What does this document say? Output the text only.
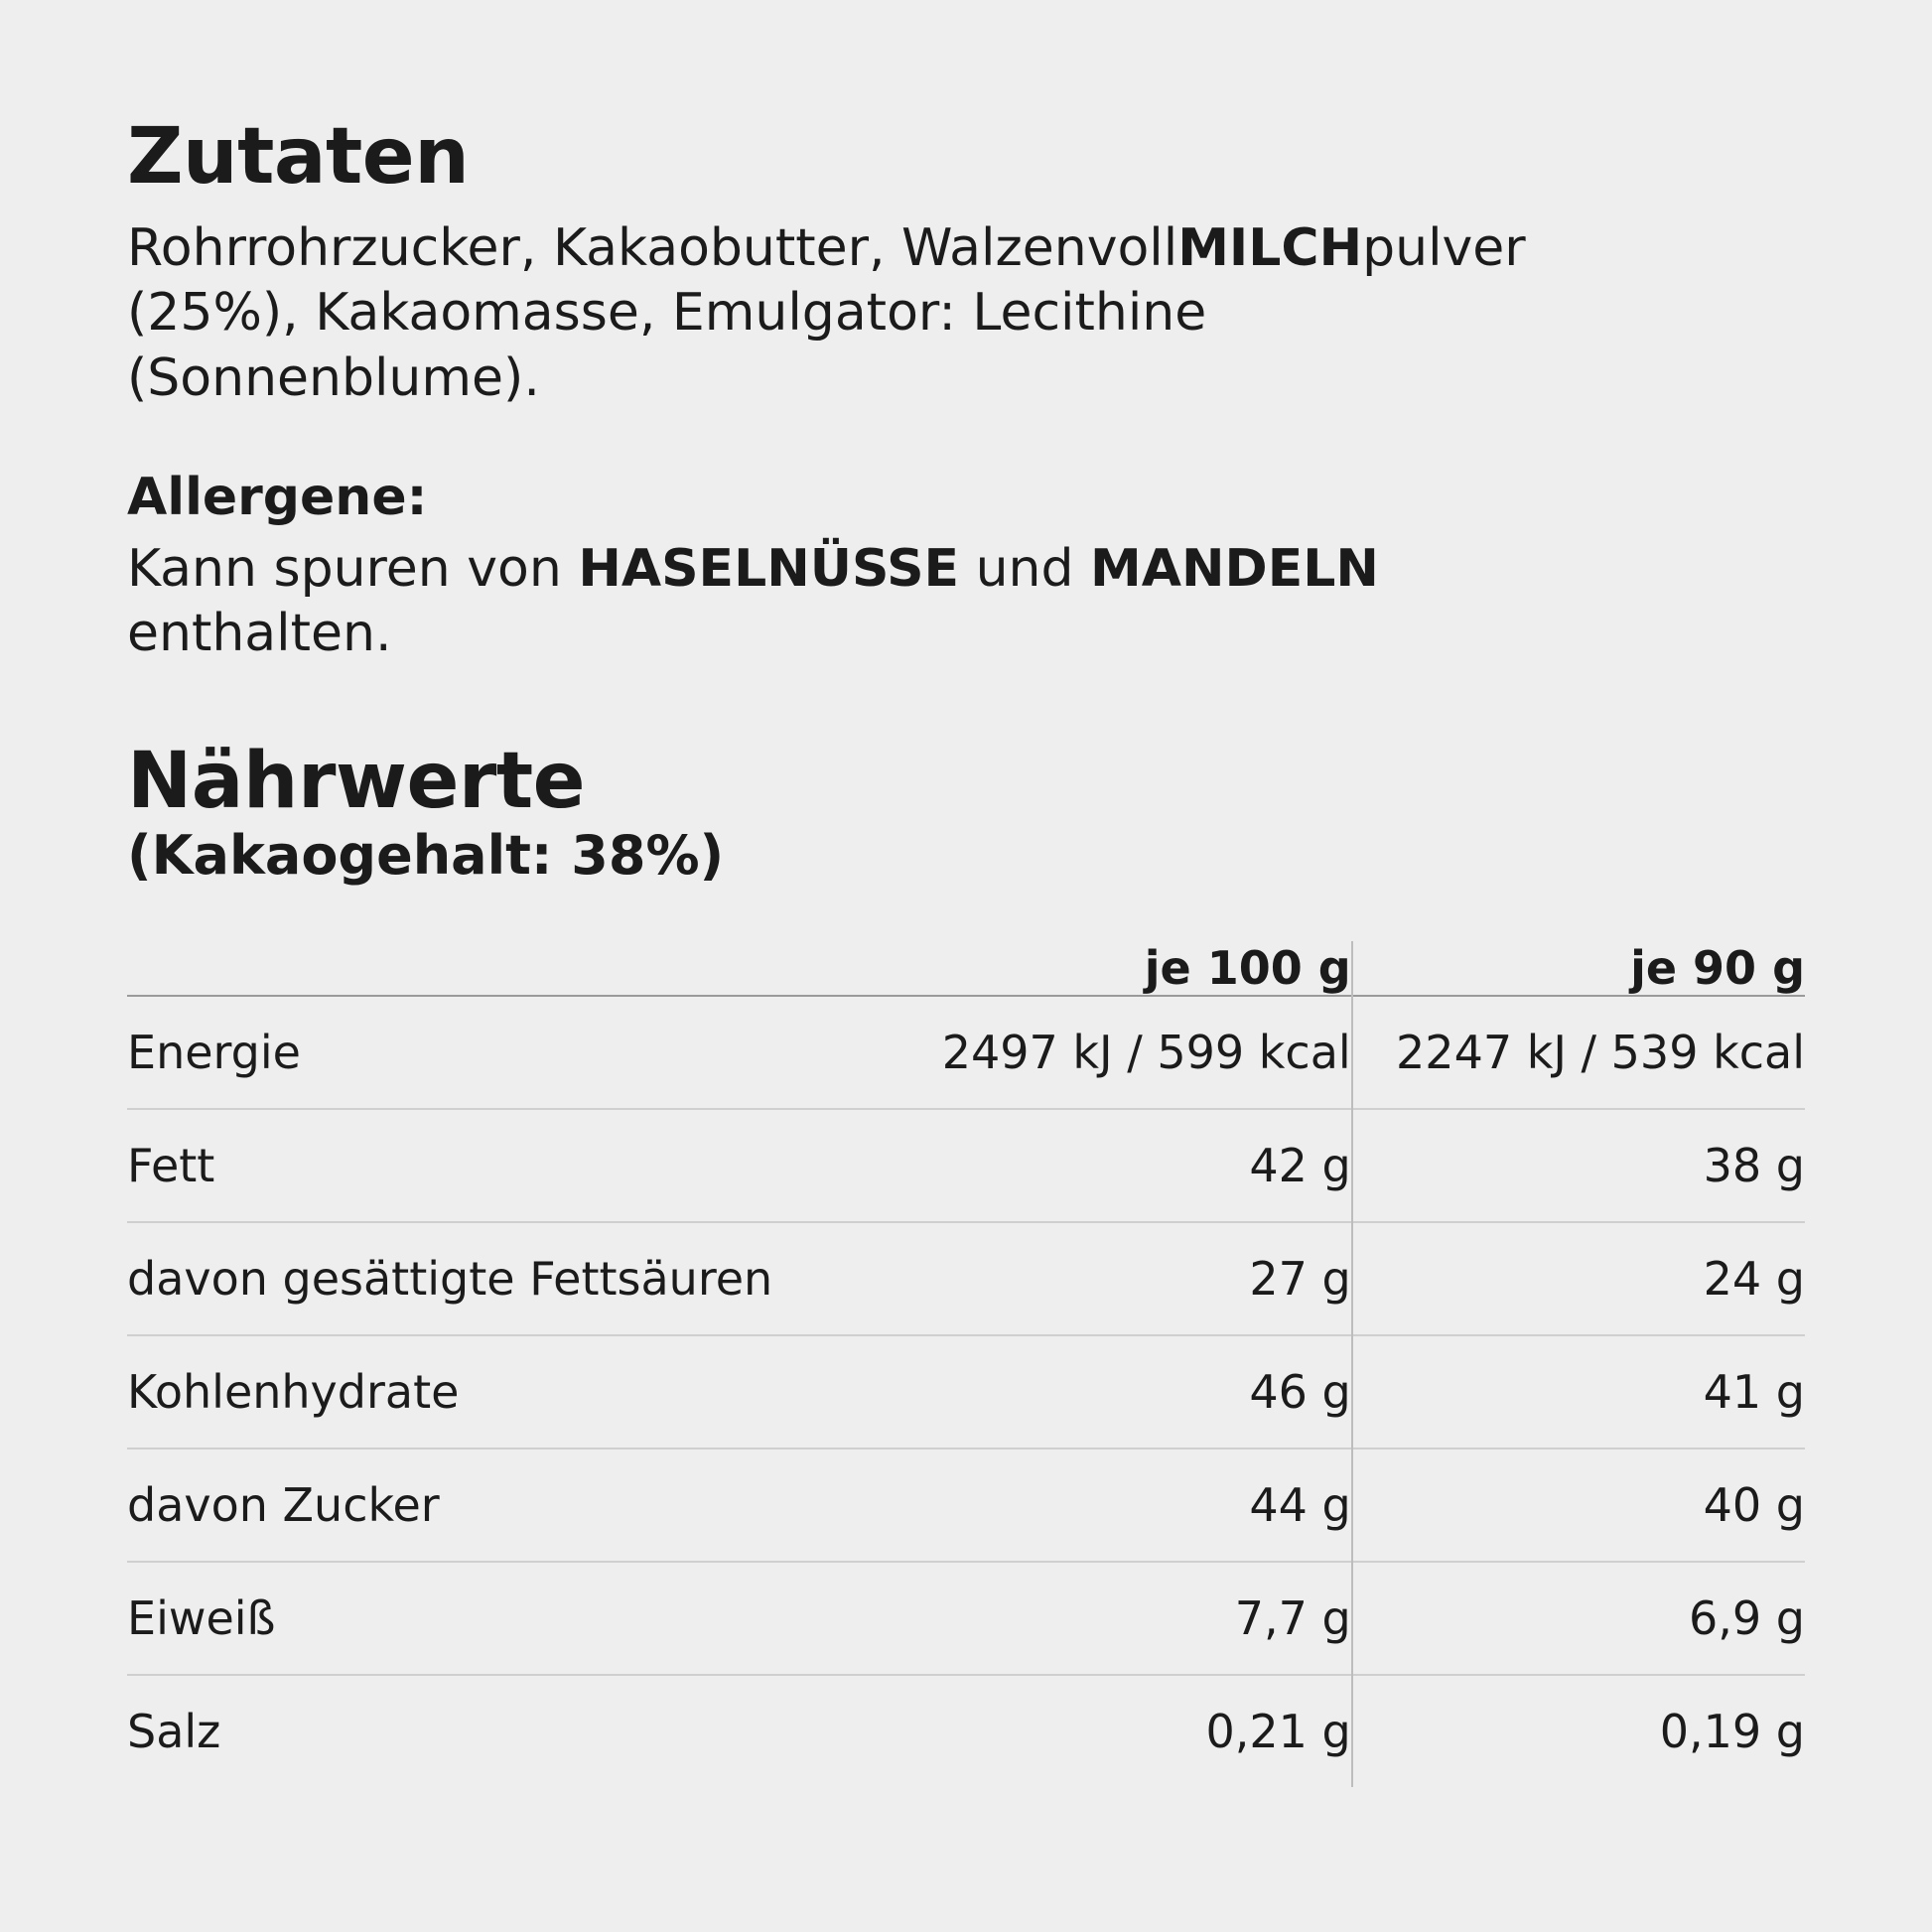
Zutaten

Rohrrohrzucker, Kakaobutter, WalzenvollMILCHpulver (25%), Kakaomasse, Emulgator: Lecithine (Sonnenblume).

Allergene:

Kann spuren von HASELNÜSSE und MANDELN enthalten.

Nährwerte

(Kakaogehalt: 38%)

	je 100 g	je 90 g
Energie	2497 kJ / 599 kcal	2247 kJ / 539 kcal
Fett	42 g	38 g
davon gesättigte Fettsäuren	27 g	24 g
Kohlenhydrate	46 g	41 g
davon Zucker	44 g	40 g
Eiweiß	7,7 g	6,9 g
Salz	0,21 g	0,19 g
